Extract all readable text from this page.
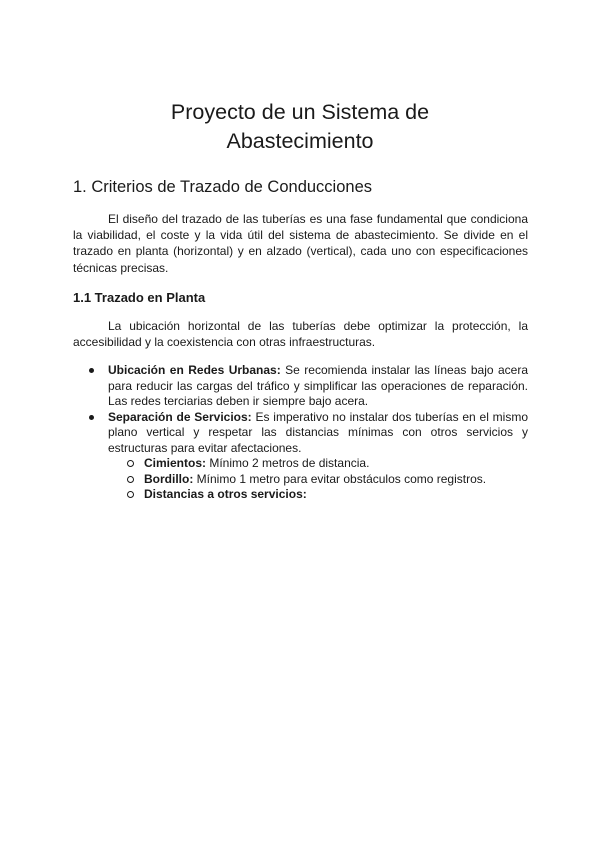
Proyecto de un Sistema de Abastecimiento
1. Criterios de Trazado de Conducciones

El diseño del trazado de las tuberías es una fase fundamental que condiciona la viabilidad, el coste y la vida útil del sistema de abastecimiento. Se divide en el trazado en planta (horizontal) y en alzado (vertical), cada uno con especificaciones técnicas precisas.

1.1 Trazado en Planta

La ubicación horizontal de las tuberías debe optimizar la protección, la accesibilidad y la coexistencia con otras infraestructuras.

Ubicación en Redes Urbanas: Se recomienda instalar las líneas bajo acera para reducir las cargas del tráfico y simplificar las operaciones de reparación. Las redes terciarias deben ir siempre bajo acera.
Separación de Servicios: Es imperativo no instalar dos tuberías en el mismo plano vertical y respetar las distancias mínimas con otros servicios y estructuras para evitar afectaciones.
Cimientos: Mínimo 2 metros de distancia.
Bordillo: Mínimo 1 metro para evitar obstáculos como registros.
Distancias a otros servicios:
